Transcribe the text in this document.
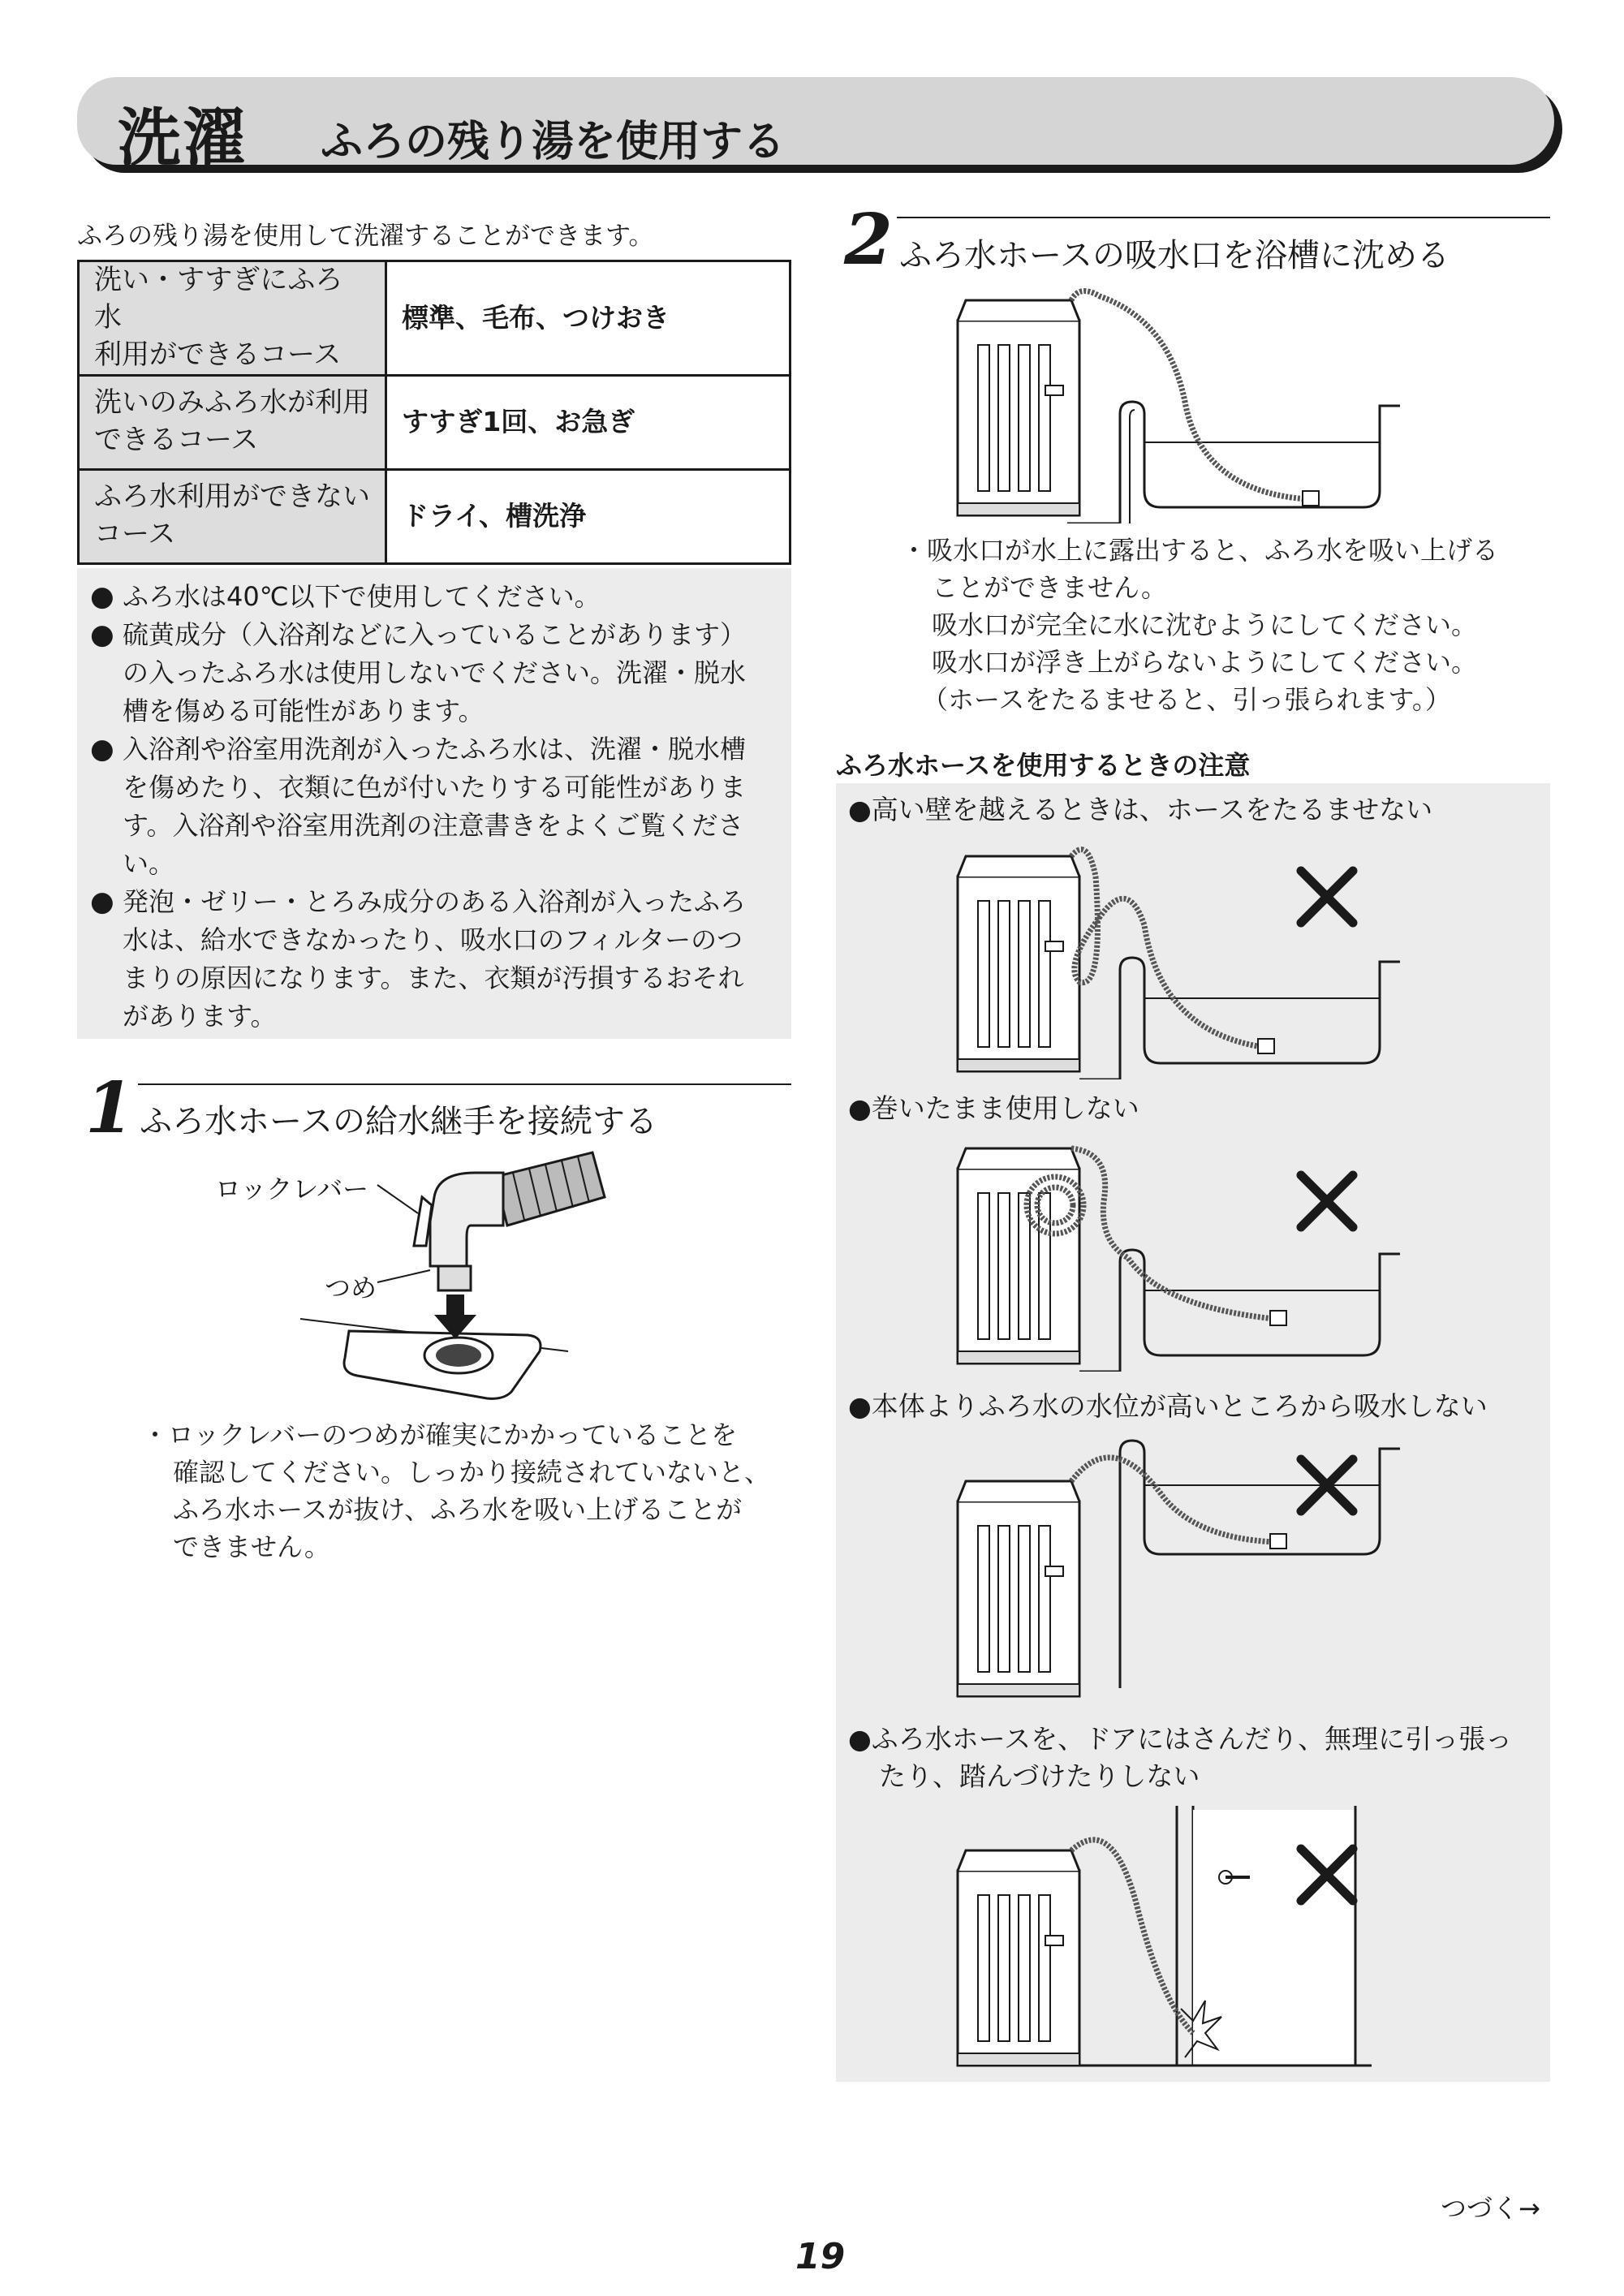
洗濯 ふろの残り湯を使用する
ふろの残り湯を使用して洗濯することができます。
洗い・すすぎにふろ水
利用ができるコース	標準、毛布、つけおき

洗いのみふろ水が利用
できるコース	すすぎ1回、お急ぎ

ふろ水利用ができない
コース	ドライ、槽洗浄
● ふろ水は40℃以下で使用してください。
● 硫黄成分（入浴剤などに入っていることがあります）
の入ったふろ水は使用しないでください。洗濯・脱水
槽を傷める可能性があります。
● 入浴剤や浴室用洗剤が入ったふろ水は、洗濯・脱水槽
を傷めたり、衣類に色が付いたりする可能性がありま
す。入浴剤や浴室用洗剤の注意書きをよくご覧くださ
い。
● 発泡・ゼリー・とろみ成分のある入浴剤が入ったふろ
水は、給水できなかったり、吸水口のフィルターのつ
まりの原因になります。また、衣類が汚損するおそれ
があります。
1 ふろ水ホースの給水継手を接続する
ロックレバー
つめ
・ロックレバーのつめが確実にかかっていることを
確認してください。しっかり接続されていないと、
ふろ水ホースが抜け、ふろ水を吸い上げることが
できません。
2 ふろ水ホースの吸水口を浴槽に沈める
・吸水口が水上に露出すると、ふろ水を吸い上げる
ことができません。
吸水口が完全に水に沈むようにしてください。
吸水口が浮き上がらないようにしてください。
（ホースをたるませると、引っ張られます。）
ふろ水ホースを使用するときの注意
●高い壁を越えるときは、ホースをたるませない
●巻いたまま使用しない
●本体よりふろ水の水位が高いところから吸水しない
●ふろ水ホースを、ドアにはさんだり、無理に引っ張っ
たり、踏んづけたりしない
つづく→
19
